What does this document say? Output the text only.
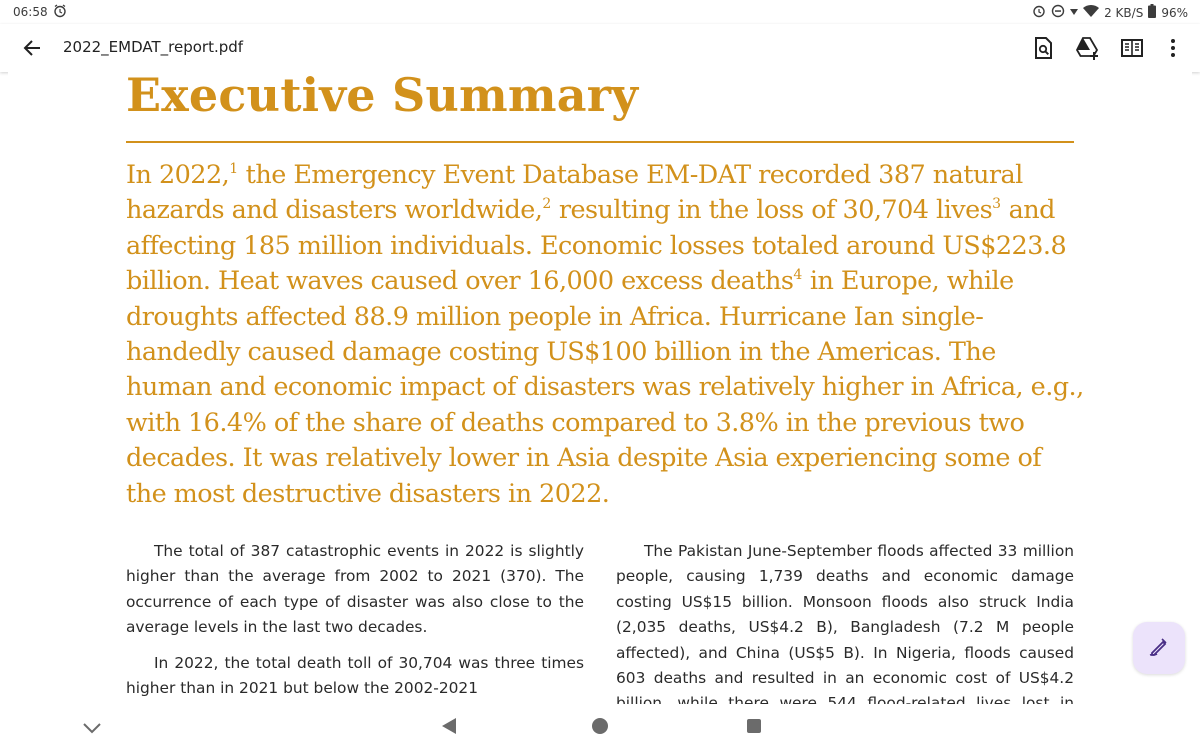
06:58	2 KB/S 96%
2022_EMDAT_report.pdf
Executive Summary

In 2022,$^1$ the Emergency Event Database EM-DAT recorded 387 natural hazards and disasters worldwide,$^2$ resulting in the loss of 30,704 lives$^3$ and affecting 185 million individuals. Economic losses totaled around US$223.8 billion. Heat waves caused over 16,000 excess deaths$^4$ in Europe, while droughts affected 88.9 million people in Africa. Hurricane Ian single-handedly caused damage costing US$100 billion in the Americas. The human and economic impact of disasters was relatively higher in Africa, e.g., with 16.4% of the share of deaths compared to 3.8% in the previous two decades. It was relatively lower in Asia despite Asia experiencing some of the most destructive disasters in 2022.

The total of 387 catastrophic events in 2022 is slightly higher than the average from 2002 to 2021 (370). The occurrence of each type of disaster was also close to the average levels in the last two decades.

In 2022, the total death toll of 30,704 was three times higher than in 2021 but below the 2002-2021

The Pakistan June-September floods affected 33 million people, causing 1,739 deaths and economic damage costing US$15 billion. Monsoon floods also struck India (2,035 deaths, US$4.2 B), Bangladesh (7.2 M people affected), and China (US$5 B). In Nigeria, floods caused 603 deaths and resulted in an economic cost of US$4.2
